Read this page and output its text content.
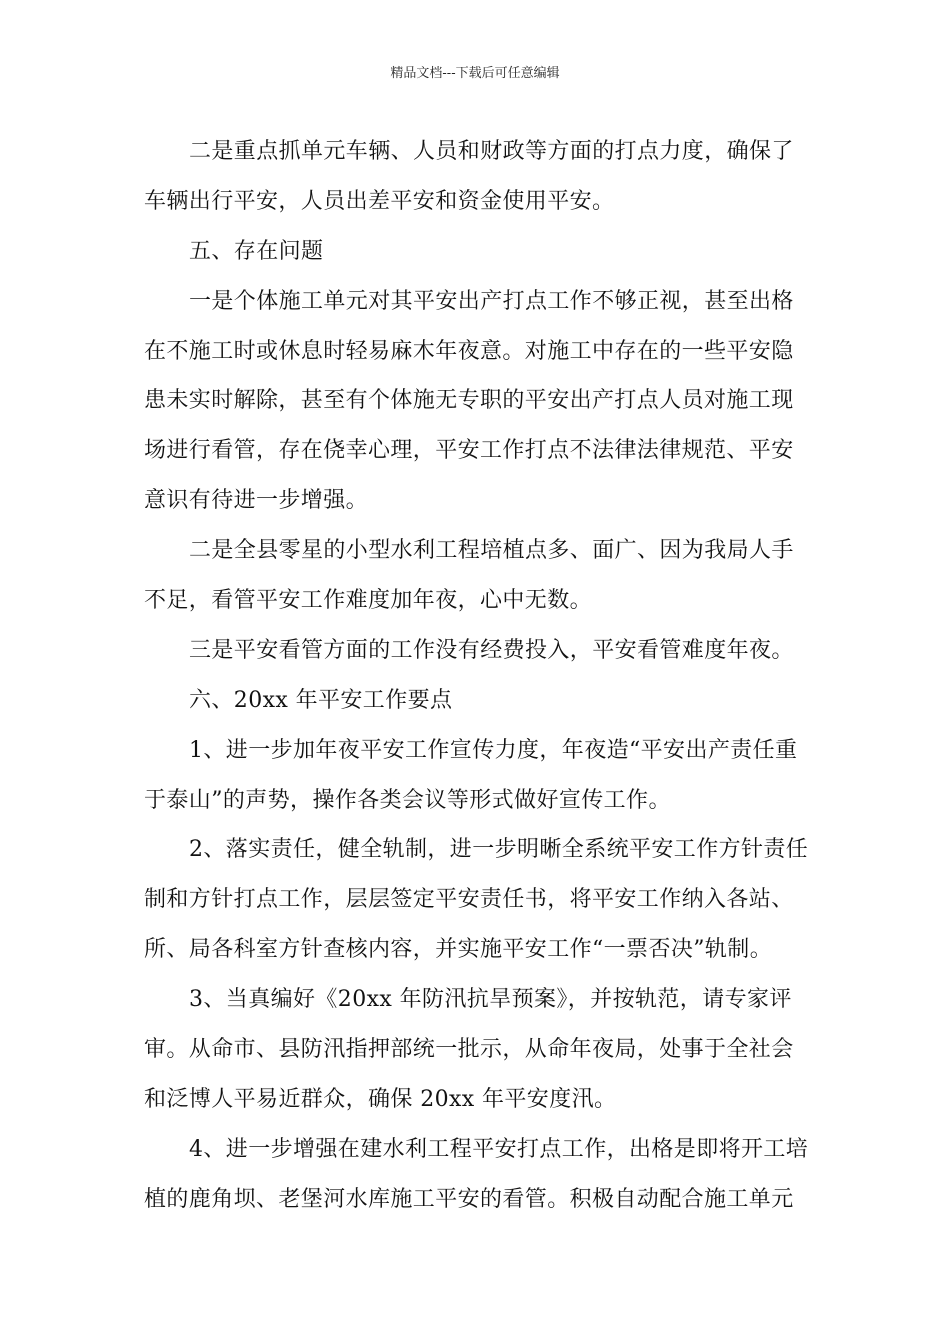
精品文档---下载后可任意编辑
二是重点抓单元车辆、人员和财政等方面的打点力度，确保了
车辆出行平安，人员出差平安和资金使用平安。
五、存在问题
一是个体施工单元对其平安出产打点工作不够正视，甚至出格
在不施工时或休息时轻易麻木年夜意。对施工中存在的一些平安隐
患未实时解除，甚至有个体施无专职的平安出产打点人员对施工现
场进行看管，存在侥幸心理，平安工作打点不法律法律规范、平安
意识有待进一步增强。
二是全县零星的小型水利工程培植点多、面广、因为我局人手
不足，看管平安工作难度加年夜，心中无数。
三是平安看管方面的工作没有经费投入，平安看管难度年夜。
六、20xx 年平安工作要点
1、进一步加年夜平安工作宣传力度，年夜造“平安出产责任重
于泰山”的声势，操作各类会议等形式做好宣传工作。
2、落实责任，健全轨制，进一步明晰全系统平安工作方针责任
制和方针打点工作，层层签定平安责任书，将平安工作纳入各站、
所、局各科室方针查核内容，并实施平安工作“一票否决”轨制。
3、当真编好《20xx 年防汛抗旱预案》，并按轨范，请专家评
审。从命市、县防汛指押部统一批示，从命年夜局，处事于全社会
和泛博人平易近群众，确保 20xx 年平安度汛。
4、进一步增强在建水利工程平安打点工作，出格是即将开工培
植的鹿角坝、老堡河水库施工平安的看管。积极自动配合施工单元
